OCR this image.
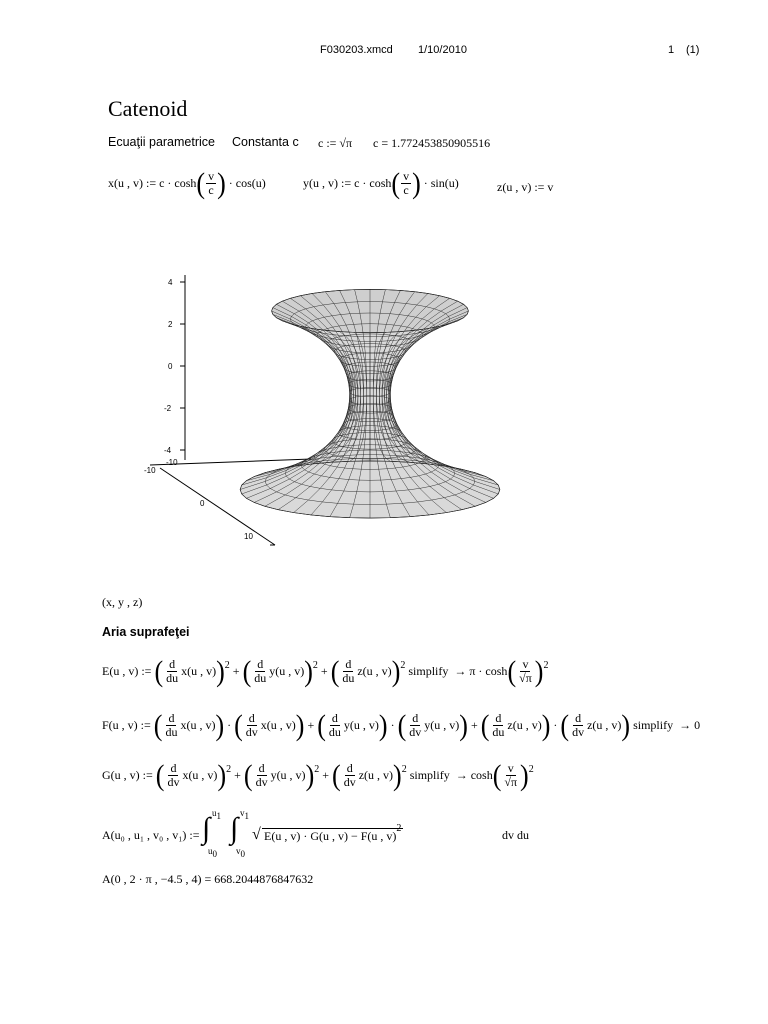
F030203.xmcd 1/10/2010	1 (1)
Catenoid
Ecuaţii parametrice Constanta c c := √π c = 1.772453850905516
x(u , v) :=
c · cosh ( $\frac{v}{c}$ )
· cos(u)	y(u , v) :=
c · cosh ( $\frac{v}{c}$ )
· sin(u)	z(u , v) := v
4
2
0
-2
-4
-10
-10
0
10
(x, y , z)
Aria suprafeţei
E(u , v) :=
( $\frac{d}{du} x(u$ , v) ) 2
+
( $\frac{d}{du} y(u$ , v) ) 2
+
( $\frac{d}{du} z(u$ , v) ) 2
simplify
→
π · cosh ( $\frac{v}{√\pi}$ ) 2
F(u , v) :=
( $\frac{d}{du} x(u$ , v) )
·
( $\frac{d}{dv} x(u$ , v) )
+
( $\frac{d}{du} y(u$ , v) )
·
( $\frac{d}{dv} y(u$ , v) )
+
( $\frac{d}{du} z(u$ , v) )
·
( $\frac{d}{dv} z(u$ , v) )
simplify
→
0
G(u , v) :=
( $\frac{d}{dv} x(u$ , v) ) 2
+
( $\frac{d}{dv} y(u$ , v) ) 2
+
( $\frac{d}{dv} z(u$ , v) ) 2
simplify
→
cosh ( $\frac{v}{√\pi}$ ) 2
A(u₀ , u₁ , v₀ , v₁) := ∫ u1
u0
∫ v1
v0
√ E(u , v) · G(u , v) − F(u , v)$^2$	dv du
A(0 , 2 · π , −4.5 , 4) = 668.2044876847632
